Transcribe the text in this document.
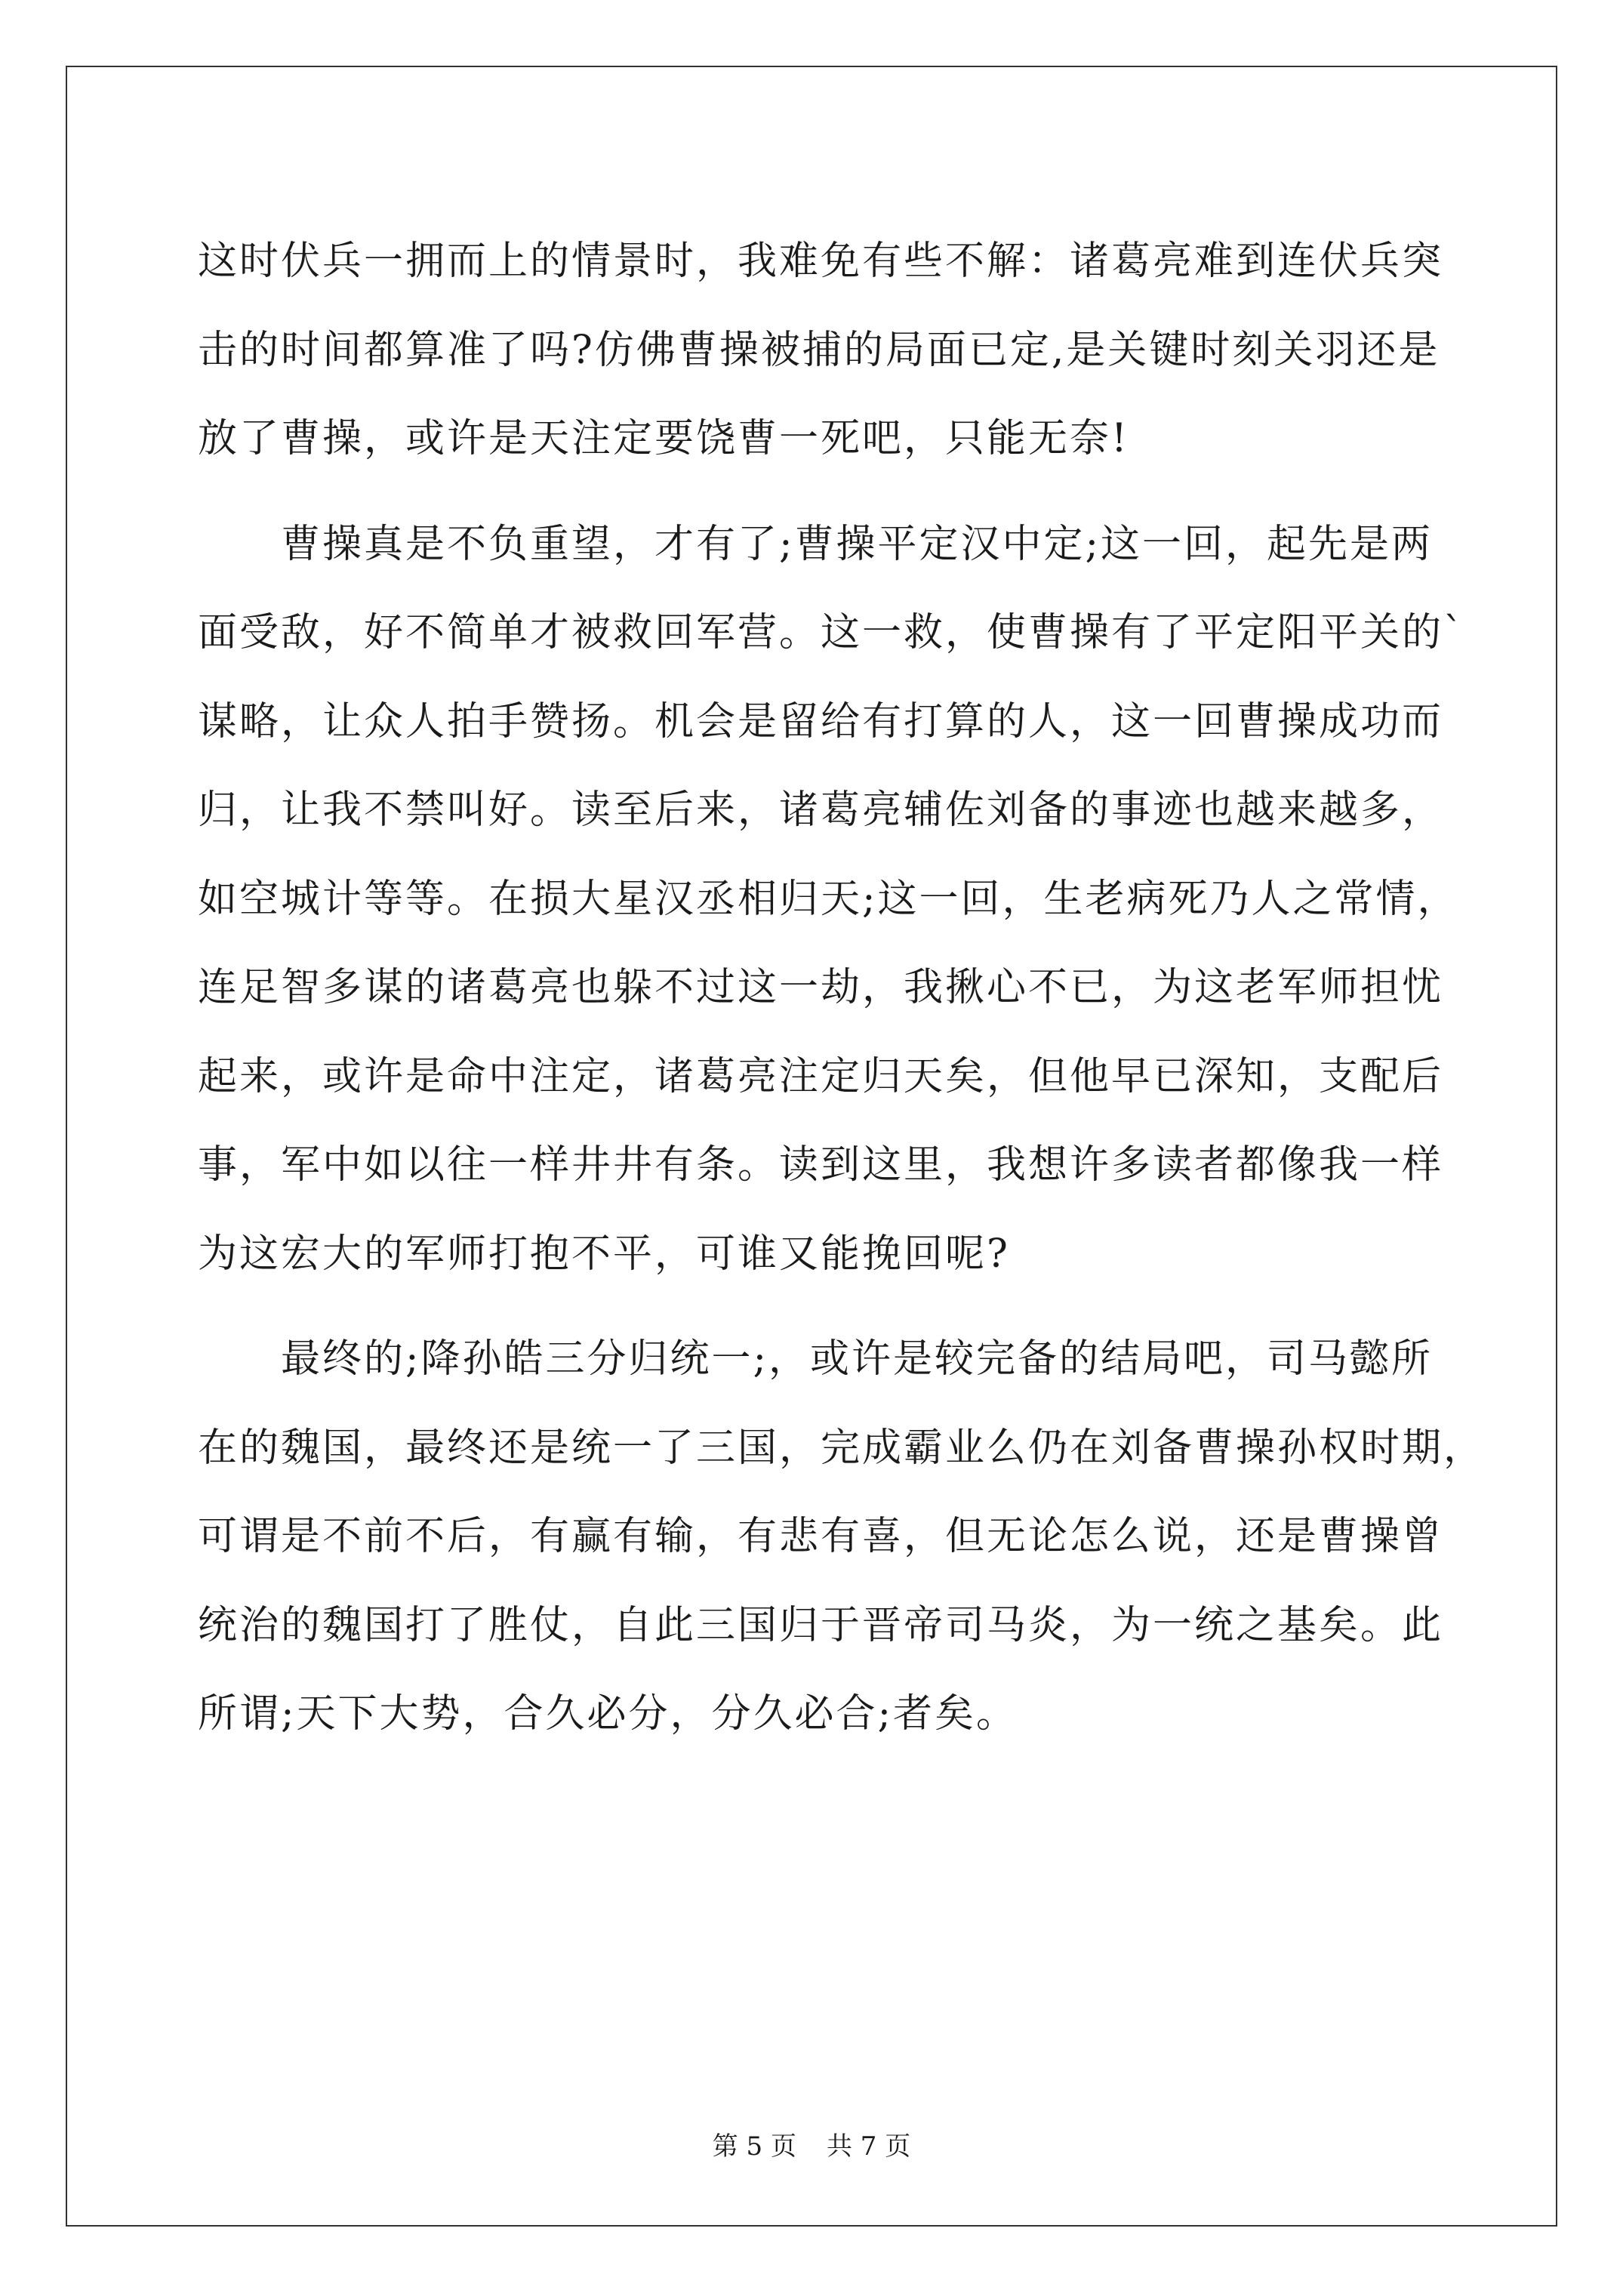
这时伏兵一拥而上的情景时，我难免有些不解：诸葛亮难到连伏兵突
击的时间都算准了吗?仿佛曹操被捕的局面已定,是关键时刻关羽还是
放了曹操，或许是天注定要饶曹一死吧，只能无奈!
曹操真是不负重望，才有了;曹操平定汉中定;这一回，起先是两
面受敌，好不简单才被救回军营。这一救，使曹操有了平定阳平关的`
谋略，让众人拍手赞扬。机会是留给有打算的人，这一回曹操成功而
归，让我不禁叫好。读至后来，诸葛亮辅佐刘备的事迹也越来越多，
如空城计等等。在损大星汉丞相归天;这一回，生老病死乃人之常情，
连足智多谋的诸葛亮也躲不过这一劫，我揪心不已，为这老军师担忧
起来，或许是命中注定，诸葛亮注定归天矣，但他早已深知，支配后
事，军中如以往一样井井有条。读到这里，我想许多读者都像我一样
为这宏大的军师打抱不平，可谁又能挽回呢?
最终的;降孙皓三分归统一;，或许是较完备的结局吧，司马懿所
在的魏国，最终还是统一了三国，完成霸业么仍在刘备曹操孙权时期，
可谓是不前不后，有赢有输，有悲有喜，但无论怎么说，还是曹操曾
统治的魏国打了胜仗，自此三国归于晋帝司马炎，为一统之基矣。此
所谓;天下大势，合久必分，分久必合;者矣。
第 5 页 共 7 页
